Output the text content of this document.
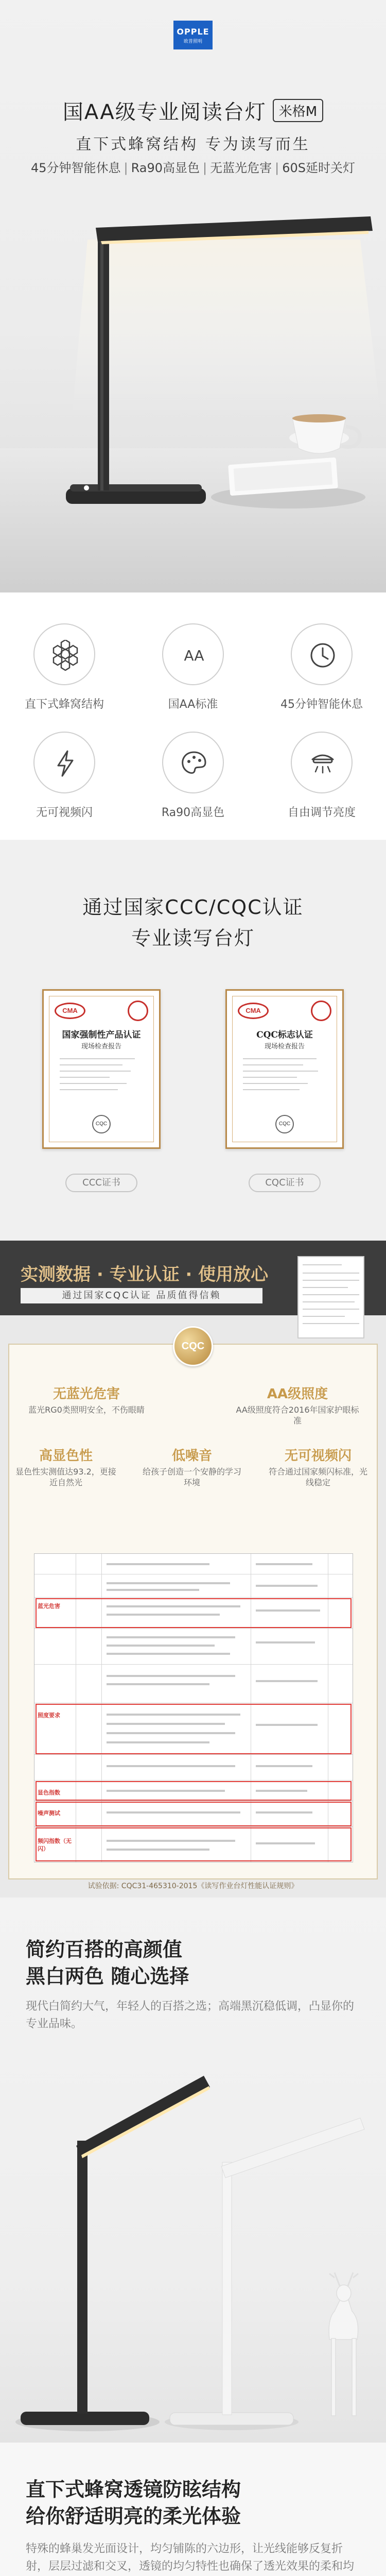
OPPLE
欧普照明
国AA级专业阅读台灯 米格M
直下式蜂窝结构 专为读写而生
45分钟智能休息 | Ra90高显色 | 无蓝光危害 | 60S延时关灯
直下式蜂窝结构
AA
国AA标准	45分钟智能休息
无可视频闪	Ra90高显色	自由调节亮度
通过国家CCC/CQC认证
专业读写台灯
CMA
国家强制性产品认证
现场检查报告
CQC
CMA
CQC标志认证
现场检查报告
CQC
CCC证书	CQC证书
实测数据 · 专业认证 · 使用放心
通过国家CQC认证 品质值得信赖
无蓝光危害
蓝光RG0类照明安全，不伤眼睛
AA级照度
AA级照度符合2016年国家护眼标准
高显色性
显色性实测值达93.2，更接近自然光
低噪音
给孩子创造一个安静的学习环境
无可视频闪
符合通过国家频闪标准，光线稳定
蓝光危害
照度要求
显色指数
噪声测试
频闪指数（无闪）
CQC
试验依据: CQC31-465310-2015《读写作业台灯性能认证规则》
简约百搭的高颜值
黑白两色 随心选择
现代白简约大气，年轻人的百搭之选；高端黑沉稳低调，凸显你的专业品味。
直下式蜂窝透镜防眩结构
给你舒适明亮的柔光体验
特殊的蜂巢发光面设计，均匀铺陈的六边形，让光线能够反复折射，层层过滤和交叉，透镜的均匀特性也确保了透光效果的柔和均
